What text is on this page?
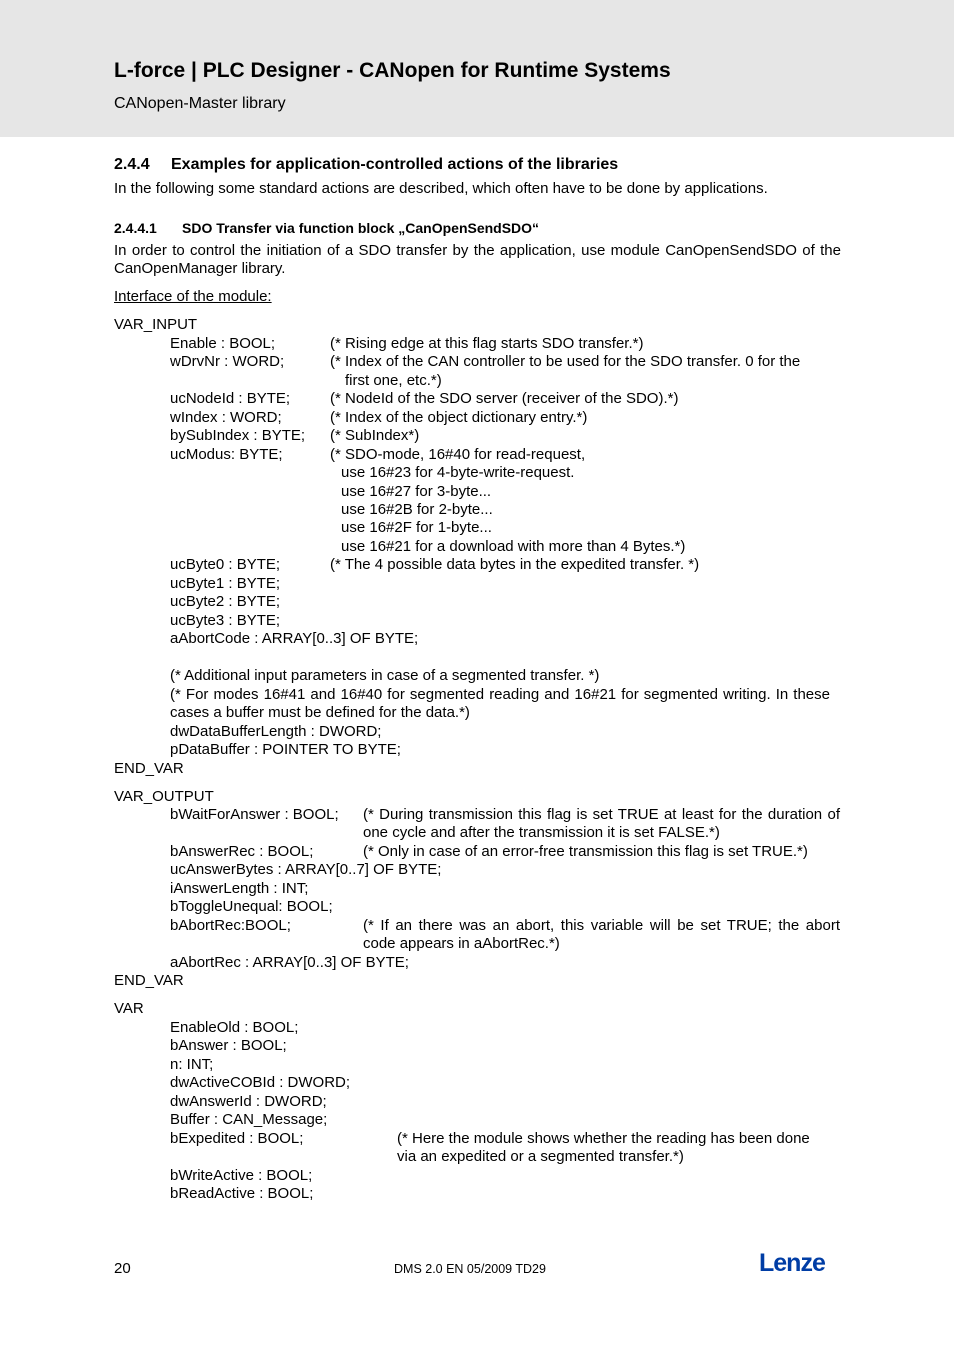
L-force | PLC Designer - CANopen for Runtime Systems
CANopen-Master library
2.4.4 Examples for application-controlled actions of the libraries
In the following some standard actions are described, which often have to be done by applications.
2.4.4.1 SDO Transfer via function block „CanOpenSendSDO“
In order to control the initiation of a SDO transfer by the application, use module CanOpenSendSDO of the CanOpenManager library.
Interface of the module:
VAR_INPUT
Enable : BOOL;	(* Rising edge at this flag starts SDO transfer.*)
wDrvNr : WORD;	(* Index of the CAN controller to be used for the SDO transfer. 0 for the
first one, etc.*)
ucNodeId : BYTE;	(* NodeId of the SDO server (receiver of the SDO).*)
wIndex : WORD;	(* Index of the object dictionary entry.*)
bySubIndex : BYTE; (* SubIndex*)
ucModus: BYTE;	(* SDO-mode, 16#40 for read-request,
use 16#23 for 4-byte-write-request.
use 16#27 for 3-byte...
use 16#2B for 2-byte...
use 16#2F for 1-byte...
use 16#21 for a download with more than 4 Bytes.*)
ucByte0 : BYTE;	(* The 4 possible data bytes in the expedited transfer. *)
ucByte1 : BYTE;
ucByte2 : BYTE;
ucByte3 : BYTE;
aAbortCode : ARRAY[0..3] OF BYTE;
(* Additional input parameters in case of a segmented transfer. *)
(* For modes 16#41 and 16#40 for segmented reading and 16#21 for segmented writing. In these cases a buffer must be defined for the data.*)
dwDataBufferLength : DWORD;
pDataBuffer : POINTER TO BYTE;
END_VAR
VAR_OUTPUT
bWaitForAnswer : BOOL; (* During transmission this flag is set TRUE at least for the duration of one cycle and after the transmission it is set FALSE.*)
bAnswerRec : BOOL;	(* Only in case of an error-free transmission this flag is set TRUE.*)
ucAnswerBytes : ARRAY[0..7] OF BYTE;
iAnswerLength : INT;
bToggleUnequal: BOOL;
bAbortRec:BOOL;	(* If an there was an abort, this variable will be set TRUE; the abort code appears in aAbortRec.*)
aAbortRec : ARRAY[0..3] OF BYTE;
END_VAR
VAR
EnableOld : BOOL;
bAnswer : BOOL;
n: INT;
dwActiveCOBId : DWORD;
dwAnswerId : DWORD;
Buffer : CAN_Message;
bExpedited : BOOL;	(* Here the module shows whether the reading has been done via an expedited or a segmented transfer.*)
bWriteActive : BOOL;
bReadActive : BOOL;
20	DMS 2.0 EN 05/2009 TD29	Lenze
